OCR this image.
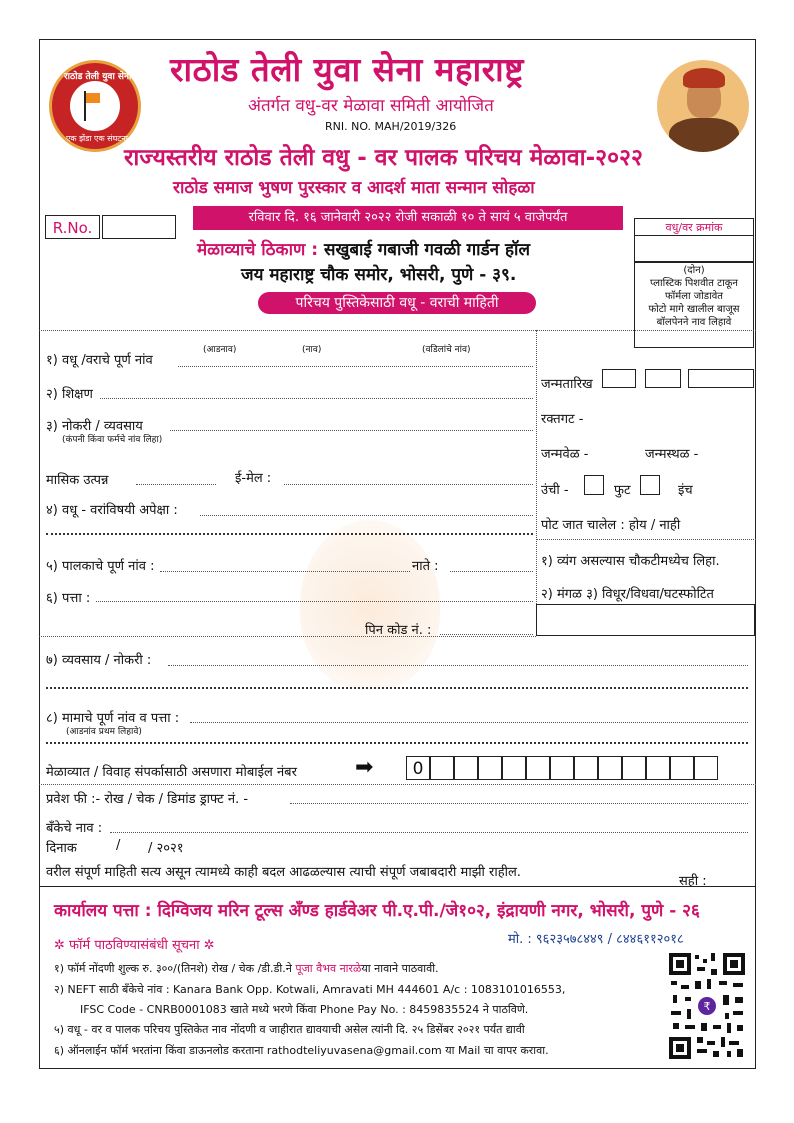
राठोड तेली युवा सेना
एक झेंडा एक संघटना
राठोड तेली युवा सेना महाराष्ट्र
अंतर्गत वधु-वर मेळावा समिती आयोजित
RNI. NO. MAH/2019/326
राज्यस्तरीय राठोड तेली वधु - वर पालक परिचय मेळावा-२०२२
राठोड समाज भुषण पुरस्कार व आदर्श माता सन्मान सोहळा
R.No.
रविवार दि. १६ जानेवारी २०२२ रोजी सकाळी १० ते सायं ५ वाजेपर्यंत
मेळाव्याचे ठिकाण : सखुबाई गबाजी गवळी गार्डन हॉल
जय महाराष्ट्र चौक समोर, भोसरी, पुणे - ३९.
परिचय पुस्तिकेसाठी वधू - वराची माहिती
वधु/वर क्रमांक
(दोन)
प्लास्टिक पिशवीत टाकून
फॉर्मला जोडावेत
फोटो मागे खालील बाजूस
बॉलपेनने नाव लिहावे
(आडनाव)	(नाव)	(वडिलांचे नांव)
१) वधू /वराचे पूर्ण नांव
२) शिक्षण
३) नोकरी / व्यवसाय
(कंपनी किंवा फर्मचे नांव लिहा)
मासिक उत्पन्न	ई-मेल :
४) वधू - वरांविषयी अपेक्षा :
५) पालकाचे पूर्ण नांव :	नाते :
६) पत्ता :
पिन कोड नं. :
७) व्यवसाय / नोकरी :
८) मामाचे पूर्ण नांव व पत्ता :
(आडनांव प्रथम लिहावे)
मेळाव्यात / विवाह संपर्कासाठी असणारा मोबाईल नंबर	➡	0
प्रवेश फी :- रोख / चेक / डिमांड ड्राफ्ट नं. -
बँकेचे नाव :
दिनाक	/ / २०२१
वरील संपूर्ण माहिती सत्य असून त्यामध्ये काही बदल आढळल्यास त्याची संपूर्ण जबाबदारी माझी राहील.
सही :
जन्मतारिख
रक्तगट -
जन्मवेळ -	जन्मस्थळ -
उंची -	फुट	इंच
पोट जात चालेल : होय / नाही
१) व्यंग असल्यास चौकटीमध्येच लिहा.
२) मंगळ ३) विधूर/विधवा/घटस्फोटित
कार्यालय पत्ता : दिग्विजय मरिन टूल्स अँण्ड हार्डवेअर पी.ए.पी./जे१०२, इंद्रायणी नगर, भोसरी, पुणे - २६
मो. : ९६२३५७८४४९ / ८४४६११२०१८
✲ फॉर्म पाठविण्यासंबंधी सूचना ✲
१) फॉर्म नोंदणी शुल्क रु. ३००/(तिनशे) रोख / चेक /डी.डी.ने पूजा वैभव नारळेया नावाने पाठवावी.
२) NEFT साठी बँकेचे नांव : Kanara Bank Opp. Kotwali, Amravati MH 444601 A/c : 1083101016553,
IFSC Code - CNRB0001083 खाते मध्ये भरणे किंवा Phone Pay No. : 8459835524 ने पाठविणे.
५) वधू - वर व पालक परिचय पुस्तिकेत नाव नोंदणी व जाहीरात द्यावयाची असेल त्यांनी दि. २५ डिसेंबर २०२१ पर्यंत द्यावी
६) ऑनलाईन फॉर्म भरतांना किंवा डाऊनलोड करताना rathodteliyuvasena@gmail.com या Mail चा वापर करावा.
₹
